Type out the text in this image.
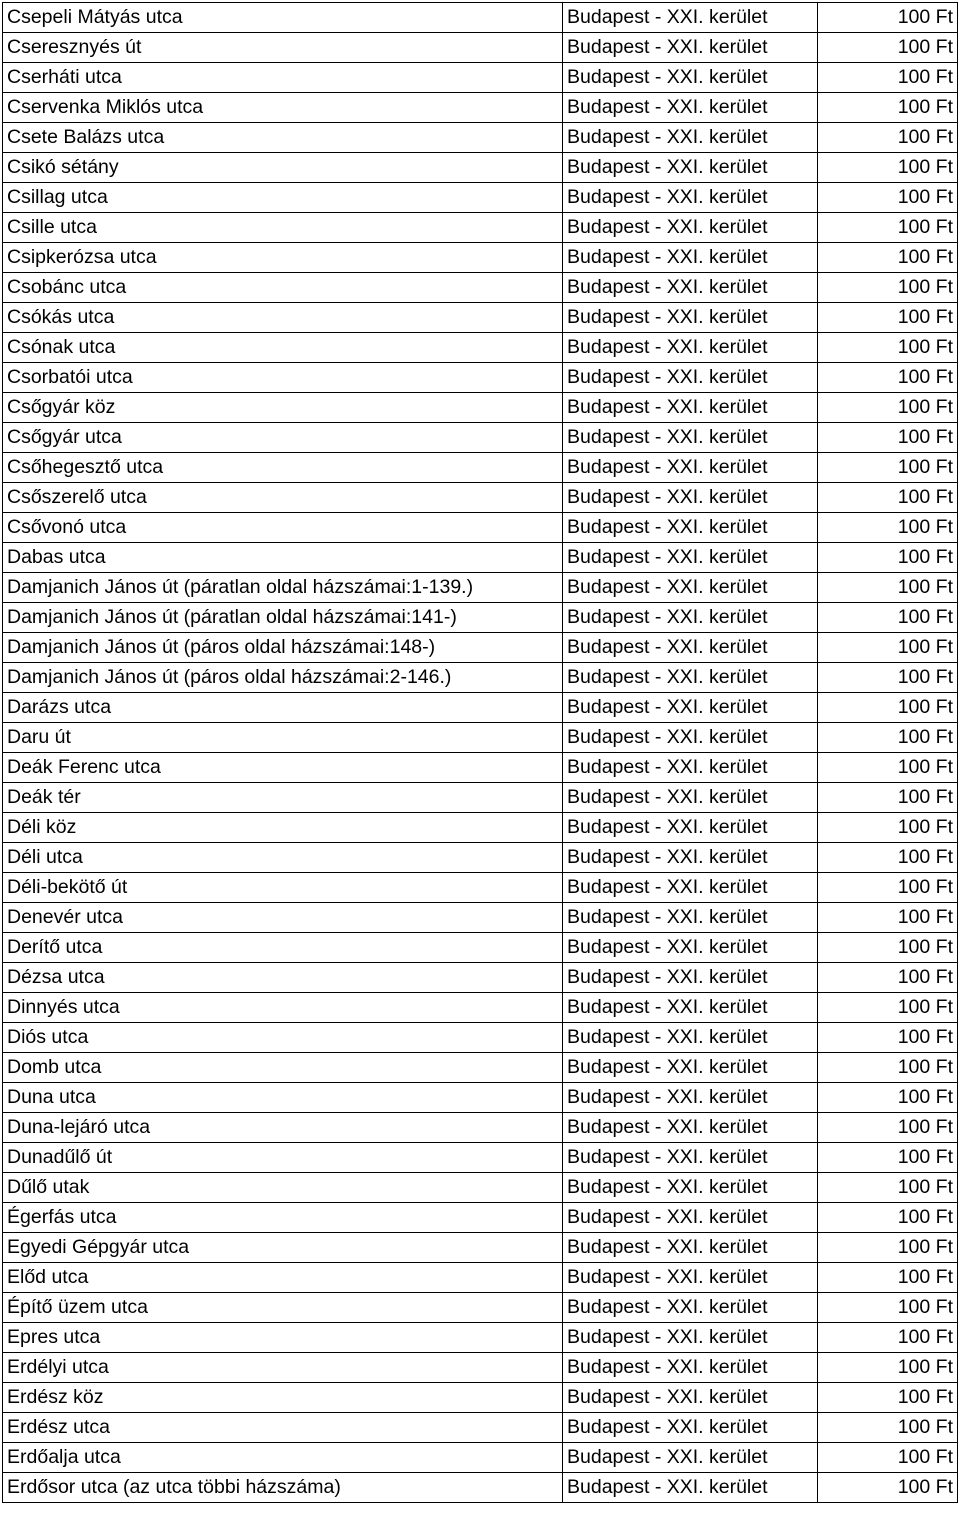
Csepeli Mátyás utca	Budapest - XXI. kerület	100 Ft
Cseresznyés út	Budapest - XXI. kerület	100 Ft
Cserháti utca	Budapest - XXI. kerület	100 Ft
Cservenka Miklós utca	Budapest - XXI. kerület	100 Ft
Csete Balázs utca	Budapest - XXI. kerület	100 Ft
Csikó sétány	Budapest - XXI. kerület	100 Ft
Csillag utca	Budapest - XXI. kerület	100 Ft
Csille utca	Budapest - XXI. kerület	100 Ft
Csipkerózsa utca	Budapest - XXI. kerület	100 Ft
Csobánc utca	Budapest - XXI. kerület	100 Ft
Csókás utca	Budapest - XXI. kerület	100 Ft
Csónak utca	Budapest - XXI. kerület	100 Ft
Csorbatói utca	Budapest - XXI. kerület	100 Ft
Csőgyár köz	Budapest - XXI. kerület	100 Ft
Csőgyár utca	Budapest - XXI. kerület	100 Ft
Csőhegesztő utca	Budapest - XXI. kerület	100 Ft
Csőszerelő utca	Budapest - XXI. kerület	100 Ft
Csővonó utca	Budapest - XXI. kerület	100 Ft
Dabas utca	Budapest - XXI. kerület	100 Ft
Damjanich János út (páratlan oldal házszámai:1-139.)	Budapest - XXI. kerület	100 Ft
Damjanich János út (páratlan oldal házszámai:141-)	Budapest - XXI. kerület	100 Ft
Damjanich János út (páros oldal házszámai:148-)	Budapest - XXI. kerület	100 Ft
Damjanich János út (páros oldal házszámai:2-146.)	Budapest - XXI. kerület	100 Ft
Darázs utca	Budapest - XXI. kerület	100 Ft
Daru út	Budapest - XXI. kerület	100 Ft
Deák Ferenc utca	Budapest - XXI. kerület	100 Ft
Deák tér	Budapest - XXI. kerület	100 Ft
Déli köz	Budapest - XXI. kerület	100 Ft
Déli utca	Budapest - XXI. kerület	100 Ft
Déli-bekötő út	Budapest - XXI. kerület	100 Ft
Denevér utca	Budapest - XXI. kerület	100 Ft
Derítő utca	Budapest - XXI. kerület	100 Ft
Dézsa utca	Budapest - XXI. kerület	100 Ft
Dinnyés utca	Budapest - XXI. kerület	100 Ft
Diós utca	Budapest - XXI. kerület	100 Ft
Domb utca	Budapest - XXI. kerület	100 Ft
Duna utca	Budapest - XXI. kerület	100 Ft
Duna-lejáró utca	Budapest - XXI. kerület	100 Ft
Dunadűlő út	Budapest - XXI. kerület	100 Ft
Dűlő utak	Budapest - XXI. kerület	100 Ft
Égerfás utca	Budapest - XXI. kerület	100 Ft
Egyedi Gépgyár utca	Budapest - XXI. kerület	100 Ft
Előd utca	Budapest - XXI. kerület	100 Ft
Építő üzem utca	Budapest - XXI. kerület	100 Ft
Epres utca	Budapest - XXI. kerület	100 Ft
Erdélyi utca	Budapest - XXI. kerület	100 Ft
Erdész köz	Budapest - XXI. kerület	100 Ft
Erdész utca	Budapest - XXI. kerület	100 Ft
Erdőalja utca	Budapest - XXI. kerület	100 Ft
Erdősor utca (az utca többi házszáma)	Budapest - XXI. kerület	100 Ft
